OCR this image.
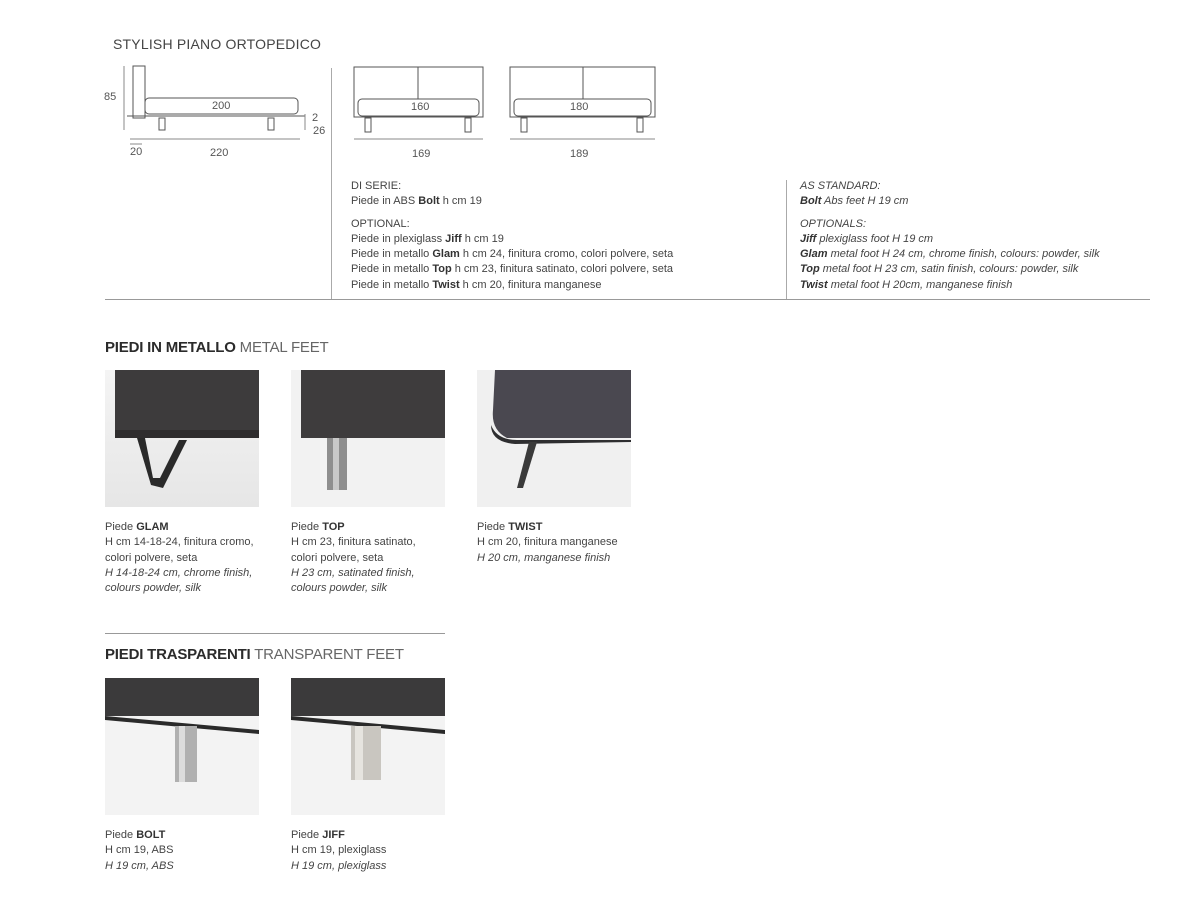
STYLISH PIANO ORTOPEDICO
85
200
2
26
20	220
160
169
180
189
DI SERIE:
Piede in ABS Bolt h cm 19
OPTIONAL:
Piede in plexiglass Jiff h cm 19
Piede in metallo Glam h cm 24, finitura cromo, colori polvere, seta
Piede in metallo Top h cm 23, finitura satinato, colori polvere, seta
Piede in metallo Twist h cm 20, finitura manganese
AS STANDARD:
Bolt Abs feet H 19 cm
OPTIONALS:
Jiff plexiglass foot H 19 cm
Glam metal foot H 24 cm, chrome finish, colours: powder, silk
Top metal foot H 23 cm, satin finish, colours: powder, silk
Twist metal foot H 20cm, manganese finish
PIEDI IN METALLO METAL FEET
Piede GLAM
H cm 14-18-24, finitura cromo,
colori polvere, seta
H 14-18-24 cm, chrome finish,
colours powder, silk
Piede TOP
H cm 23, finitura satinato,
colori polvere, seta
H 23 cm, satinated finish,
colours powder, silk
Piede TWIST
H cm 20, finitura manganese
H 20 cm, manganese finish
PIEDI TRASPARENTI TRANSPARENT FEET
Piede BOLT
H cm 19, ABS
H 19 cm, ABS
Piede JIFF
H cm 19, plexiglass
H 19 cm, plexiglass
